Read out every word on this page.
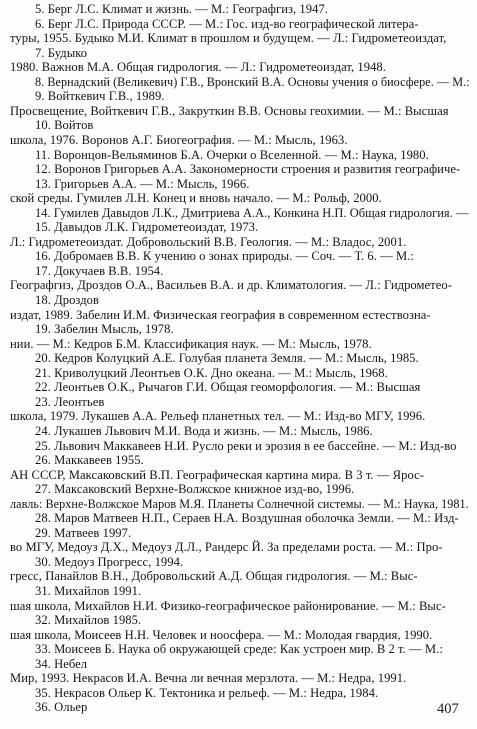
5. Берг Л.С. Климат и жизнь. — М.: Географгиз, 1947.
6. Берг Л.С. Природа СССР. — М.: Гос. изд-во географической литера-
туры, 1955. Будыко М.И. Климат в прошлом и будущем. — Л.: Гидрометеоиздат,
7. Будыко
1980. Важнов М.А. Общая гидрология. — Л.: Гидрометеоиздат, 1948.
8. Вернадский (Великевич) Г.В., Вронский В.А. Основы учения о биосфере. — М.:
9. Войткевич Г.В., 1989.
Просвещение, Войткевич Г.В., Закруткин В.В. Основы геохимии. — М.: Высшая
10. Войтов
школа, 1976. Воронов А.Г. Биогеография. — М.: Мысль, 1963.
11. Воронцов-Вельяминов Б.А. Очерки о Вселенной. — М.: Наука, 1980.
12. Воронов Григорьев А.А. Закономерности строения и развития географиче-
13. Григорьев А.А. — М.: Мысль, 1966.
ской среды. Гумилев Л.Н. Конец и вновь начало. — М.: Рольф, 2000.
14. Гумилев Давыдов Л.К., Дмитриева А.А., Конкина Н.П. Общая гидрология. —
15. Давыдов Л.К. Гидрометеоиздат, 1973.
Л.: Гидрометеоиздат. Добровольский В.В. Геология. — М.: Владос, 2001.
16. Добромаев В.В. К учению о зонах природы. — Соч. — Т. 6. — М.:
17. Докучаев В.В. 1954.
Географгиз, Дроздов О.А., Васильев В.А. и др. Климатология. — Л.: Гидрометео-
18. Дроздов
издат, 1989. Забелин И.М. Физическая география в современном естествозна-
19. Забелин Мысль, 1978.
нии. — М.: Кедров Б.М. Классификация наук. — М.: Мысль, 1978.
20. Кедров Колуцкий А.Е. Голубая планета Земля. — М.: Мысль, 1985.
21. Криволуцкий Леонтьев О.К. Дно океана. — М.: Мысль, 1968.
22. Леонтьев О.К., Рычагов Г.И. Общая геоморфология. — М.: Высшая
23. Леонтьев
школа, 1979. Лукашев А.А. Рельеф планетных тел. — М.: Изд-во МГУ, 1996.
24. Лукашев Львович М.И. Вода и жизнь. — М.: Мысль, 1986.
25. Львович Маккавеев Н.И. Русло реки и эрозия в ее бассейне. — М.: Изд-во
26. Маккавеев 1955.
АН СССР, Максаковский В.П. Географическая картина мира. В 3 т. — Ярос-
27. Максаковский Верхне-Волжское книжное изд-во, 1996.
лавль: Верхне-Волжское Маров М.Я. Планеты Солнечной системы. — М.: Наука, 1981.
28. Маров Матвеев Н.П., Сераев Н.А. Воздушная оболочка Земли. — М.: Изд-
29. Матвеев 1997.
во МГУ, Медоуз Д.Х., Медоуз Д.Л., Рандерс Й. За пределами роста. — М.: Про-
30. Медоуз Прогресс, 1994.
гресс, Панайлов В.Н., Добровольский А.Д. Общая гидрология. — М.: Выс-
31. Михайлов 1991.
шая школа, Михайлов Н.И. Физико-географическое районирование. — М.: Выс-
32. Михайлов 1985.
шая школа, Моисеев Н.Н. Человек и ноосфера. — М.: Молодая гвардия, 1990.
33. Моисеев Б. Наука об окружающей среде: Как устроен мир. В 2 т. — М.:
34. Небел
Мир, 1993. Некрасов И.А. Вечна ли вечная мерзлота. — М.: Недра, 1991.
35. Некрасов Ольер К. Тектоника и рельеф. — М.: Недра, 1984.
36. Ольер	407
